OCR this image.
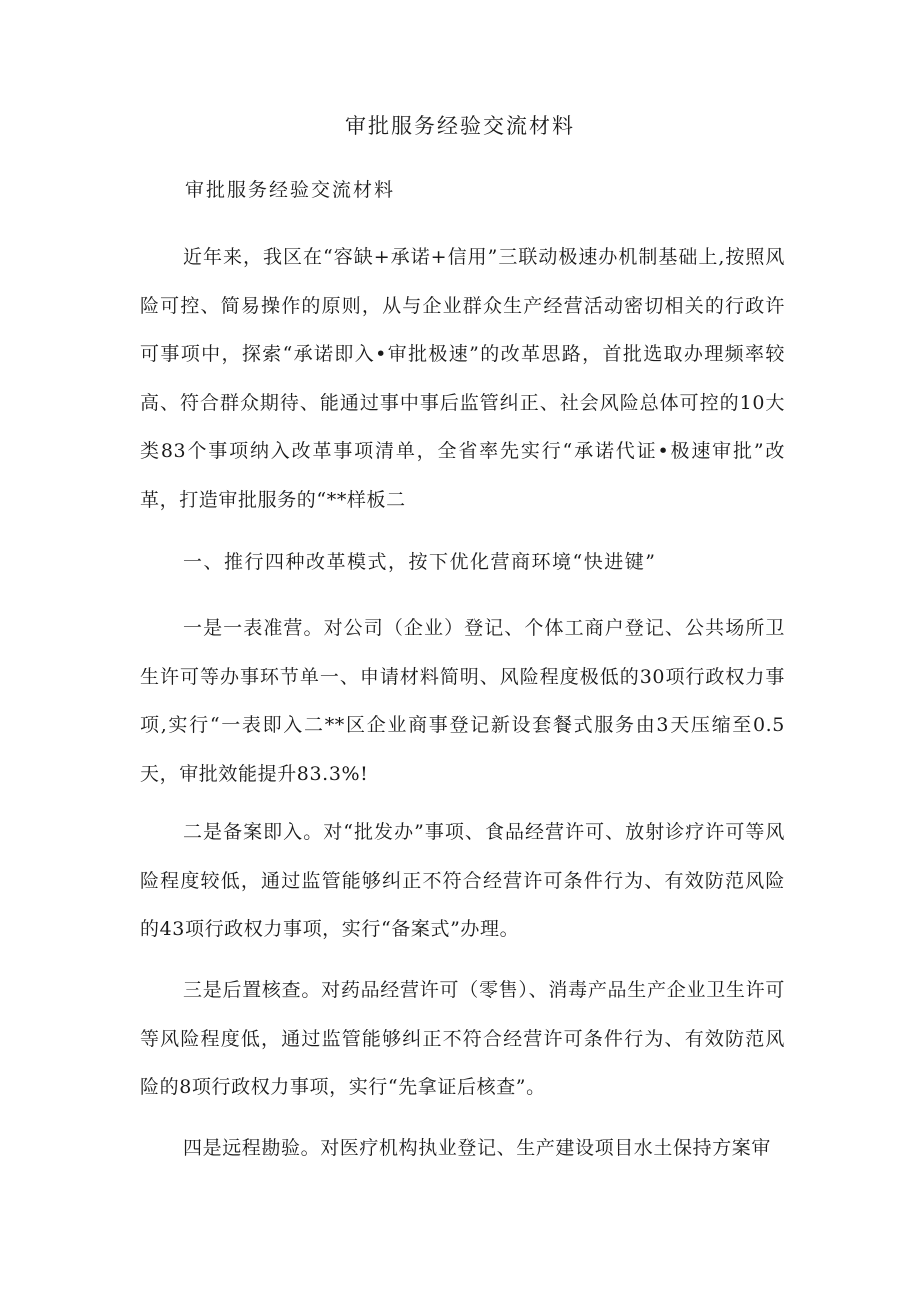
审批服务经验交流材料
审批服务经验交流材料

近年来，我区在“容缺+承诺+信用”三联动极速办机制基础上,按照风险可控、简易操作的原则，从与企业群众生产经营活动密切相关的行政许可事项中，探索“承诺即入•审批极速”的改革思路，首批选取办理频率较高、符合群众期待、能通过事中事后监管纠正、社会风险总体可控的10大类83个事项纳入改革事项清单，全省率先实行“承诺代证•极速审批”改革，打造审批服务的“**样板二

一、推行四种改革模式，按下优化营商环境“快进键”

一是一表准营。对公司（企业）登记、个体工商户登记、公共场所卫生许可等办事环节单一、申请材料简明、风险程度极低的30项行政权力事项,实行“一表即入二**区企业商事登记新设套餐式服务由3天压缩至0.5天，审批效能提升83.3%!

二是备案即入。对“批发办”事项、食品经营许可、放射诊疗许可等风险程度较低，通过监管能够纠正不符合经营许可条件行为、有效防范风险的43项行政权力事项，实行“备案式”办理。

三是后置核查。对药品经营许可（零售）、消毒产品生产企业卫生许可等风险程度低，通过监管能够纠正不符合经营许可条件行为、有效防范风险的8项行政权力事项，实行“先拿证后核查”。

四是远程勘验。对医疗机构执业登记、生产建设项目水土保持方案审
